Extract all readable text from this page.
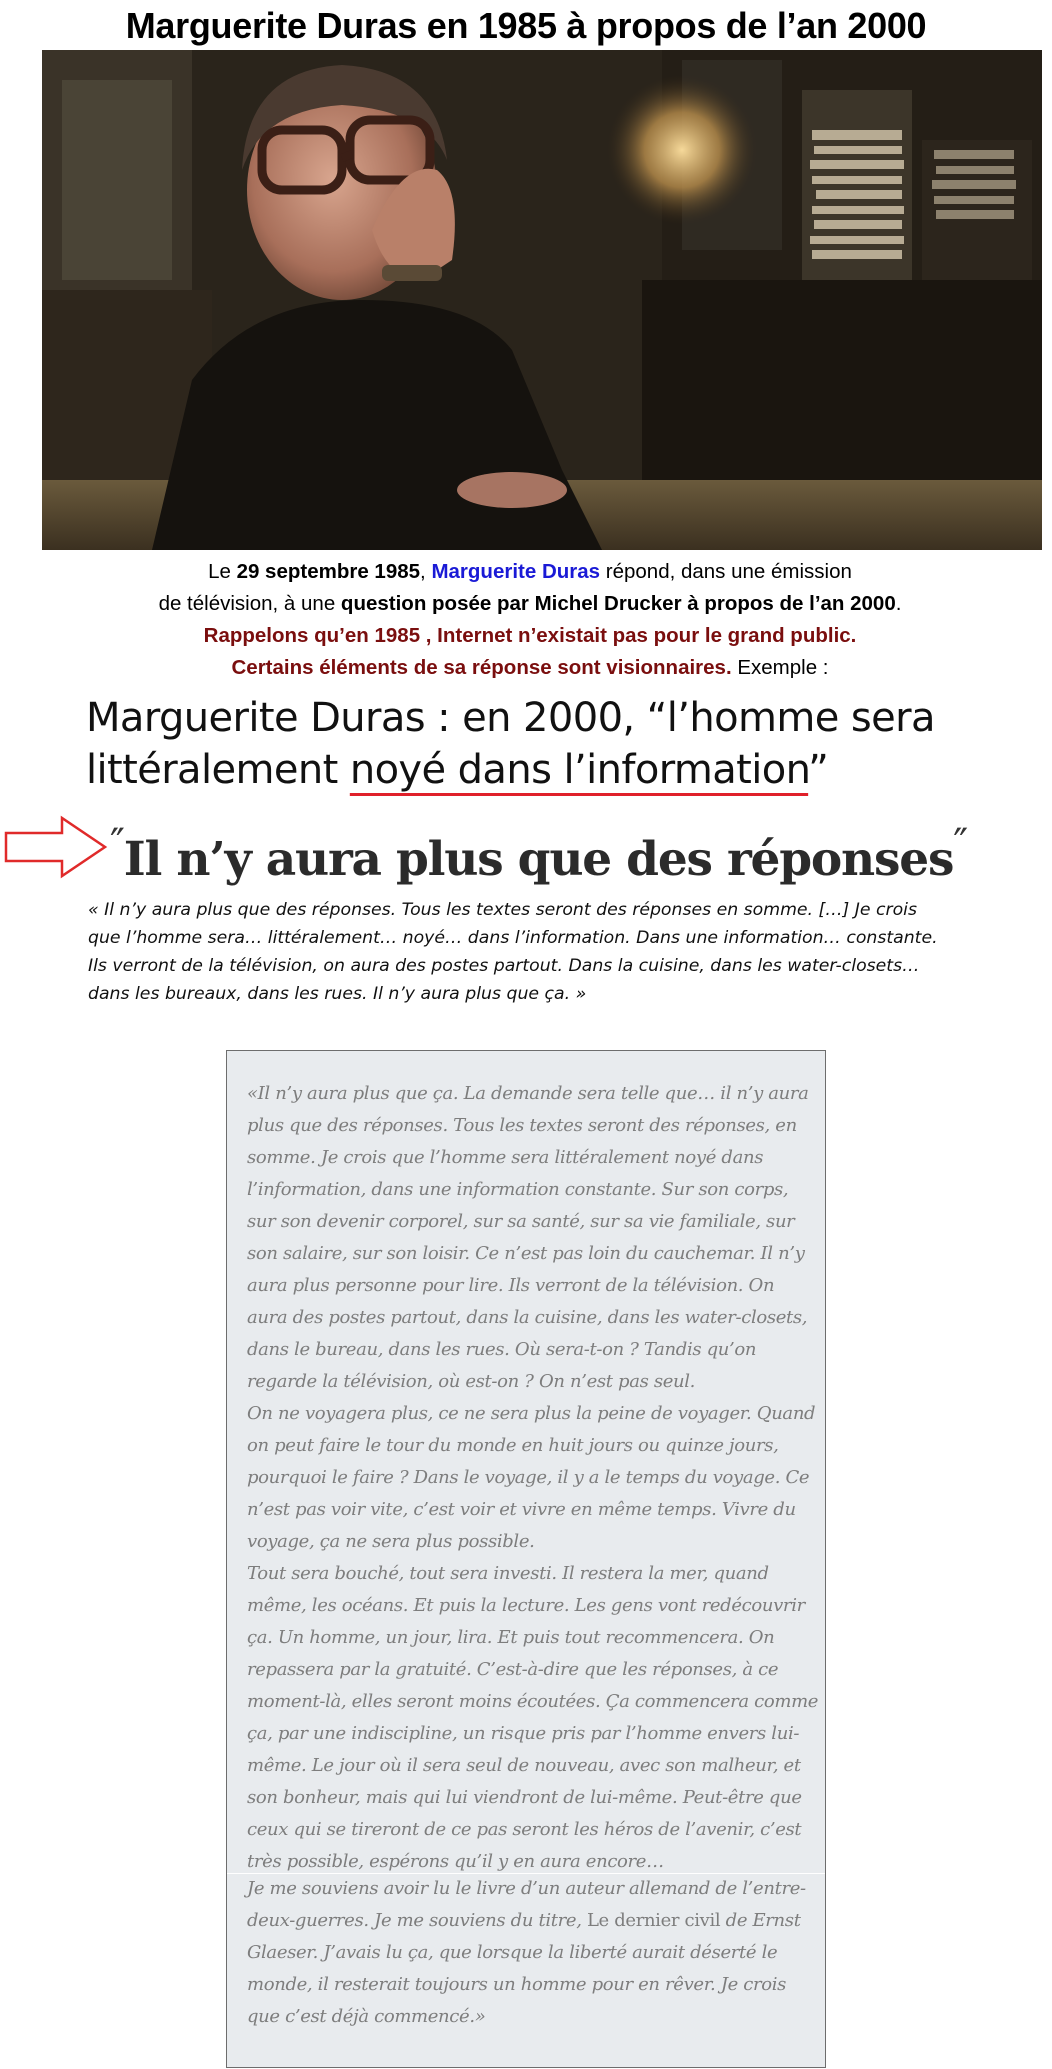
Marguerite Duras en 1985 à propos de l’an 2000
Le 29 septembre 1985, Marguerite Duras répond, dans une émission
de télévision, à une question posée par Michel Drucker à propos de l’an 2000.
Rappelons qu’en 1985 , Internet n’existait pas pour le grand public.
Certains éléments de sa réponse sont visionnaires. Exemple :
Marguerite Duras : en 2000, “l’homme sera
littéralement noyé dans l’information”
″Il n’y aura plus que des réponses″
« Il n’y aura plus que des réponses. Tous les textes seront des réponses en somme. […] Je crois
que l’homme sera… littéralement… noyé… dans l’information. Dans une information… constante.
Ils verront de la télévision, on aura des postes partout. Dans la cuisine, dans les water-closets…
dans les bureaux, dans les rues. Il n’y aura plus que ça. »
«Il n’y aura plus que ça. La demande sera telle que… il n’y aura
plus que des réponses. Tous les textes seront des réponses, en
somme. Je crois que l’homme sera littéralement noyé dans
l’information, dans une information constante. Sur son corps,
sur son devenir corporel, sur sa santé, sur sa vie familiale, sur
son salaire, sur son loisir. Ce n’est pas loin du cauchemar. Il n’y
aura plus personne pour lire. Ils verront de la télévision. On
aura des postes partout, dans la cuisine, dans les water-closets,
dans le bureau, dans les rues. Où sera-t-on ? Tandis qu’on
regarde la télévision, où est-on ? On n’est pas seul.
On ne voyagera plus, ce ne sera plus la peine de voyager. Quand
on peut faire le tour du monde en huit jours ou quinze jours,
pourquoi le faire ? Dans le voyage, il y a le temps du voyage. Ce
n’est pas voir vite, c’est voir et vivre en même temps. Vivre du
voyage, ça ne sera plus possible.
Tout sera bouché, tout sera investi. Il restera la mer, quand
même, les océans. Et puis la lecture. Les gens vont redécouvrir
ça. Un homme, un jour, lira. Et puis tout recommencera. On
repassera par la gratuité. C’est-à-dire que les réponses, à ce
moment-là, elles seront moins écoutées. Ça commencera comme
ça, par une indiscipline, un risque pris par l’homme envers lui-
même. Le jour où il sera seul de nouveau, avec son malheur, et
son bonheur, mais qui lui viendront de lui-même. Peut-être que
ceux qui se tireront de ce pas seront les héros de l’avenir, c’est
très possible, espérons qu’il y en aura encore…
Je me souviens avoir lu le livre d’un auteur allemand de l’entre-
deux-guerres. Je me souviens du titre, Le dernier civil de Ernst
Glaeser. J’avais lu ça, que lorsque la liberté aurait déserté le
monde, il resterait toujours un homme pour en rêver. Je crois
que c’est déjà commencé.»
